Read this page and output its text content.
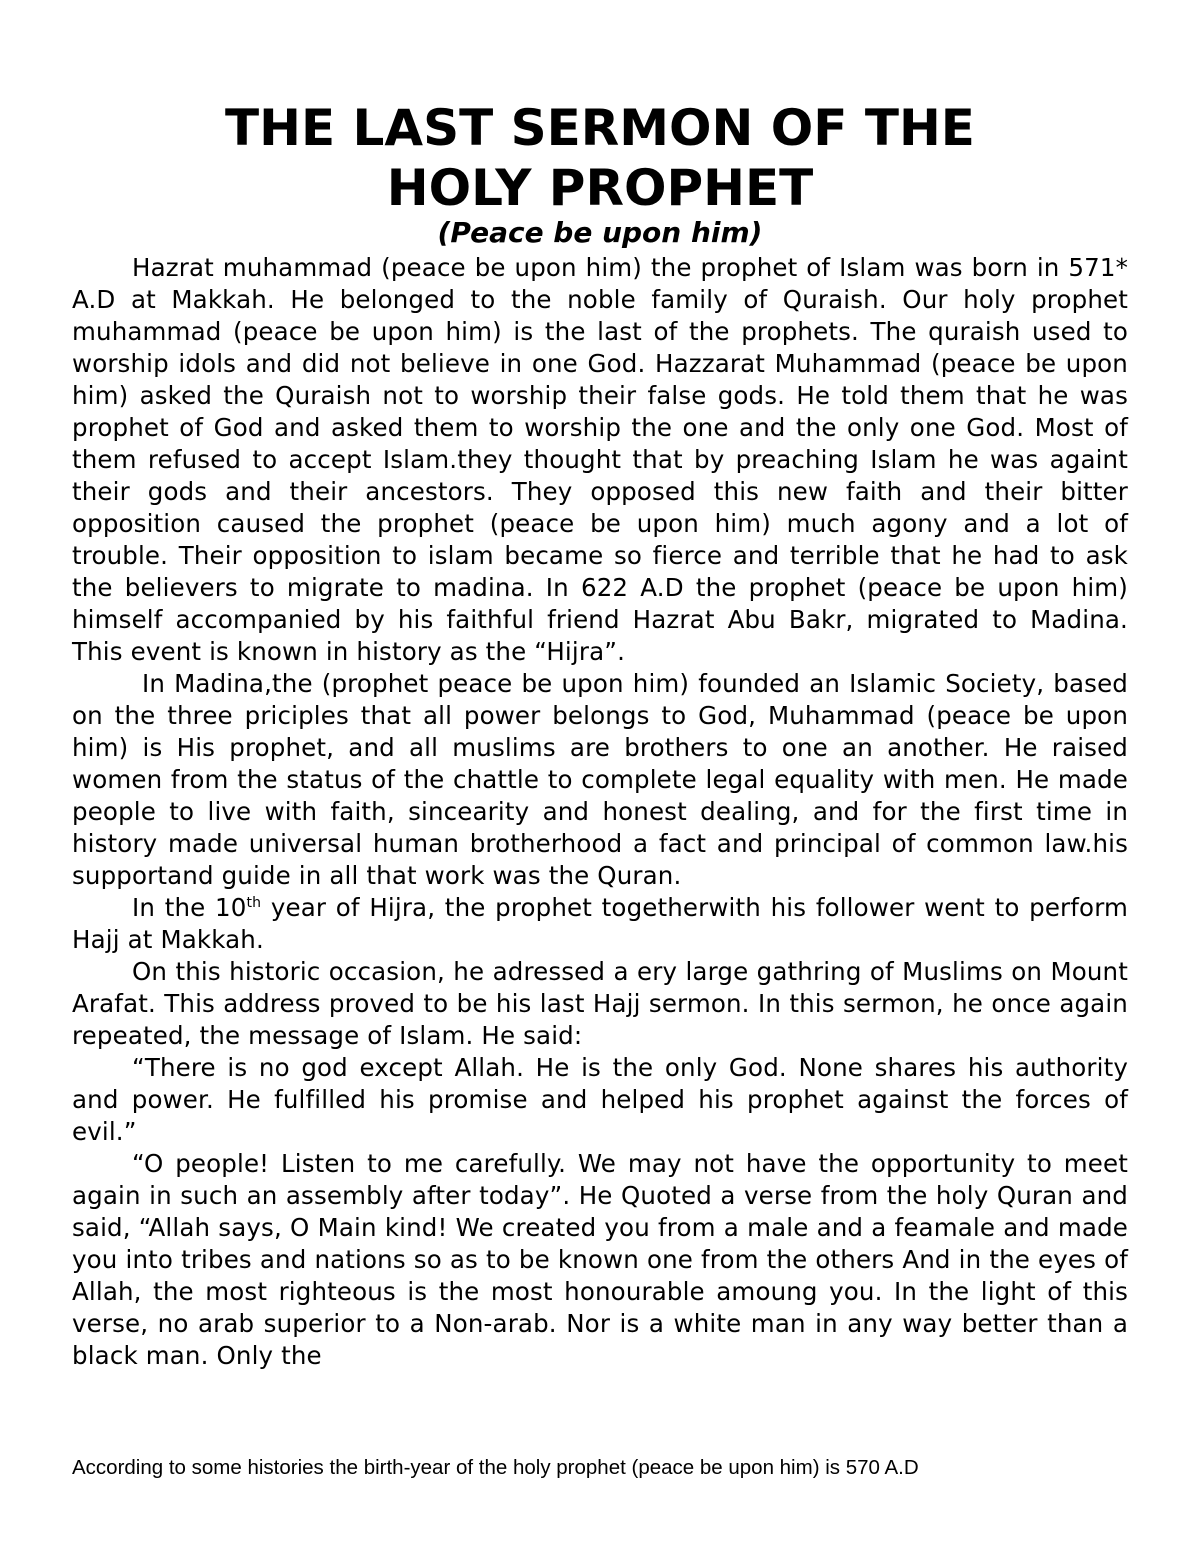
THE LAST SERMON OF THE
HOLY PROPHET
(Peace be upon him)

Hazrat muhammad (peace be upon him) the prophet of Islam was born in 571* A.D at Makkah. He belonged to the noble family of Quraish. Our holy prophet muhammad (peace be upon him) is the last of the prophets. The quraish used to worship idols and did not believe in one God. Hazzarat Muhammad (peace be upon him) asked the Quraish not to worship their false gods. He told them that he was prophet of God and asked them to worship the one and the only one God. Most of them refused to accept Islam.they thought that by preaching Islam he was againt their gods and their ancestors. They opposed this new faith and their bitter opposition caused the prophet (peace be upon him) much agony and a lot of trouble. Their opposition to islam became so fierce and terrible that he had to ask the believers to migrate to madina. In 622 A.D the prophet (peace be upon him) himself accompanied by his faithful friend Hazrat Abu Bakr, migrated to Madina. This event is known in history as the “Hijra”.

In Madina,the (prophet peace be upon him) founded an Islamic Society, based on the three priciples that all power belongs to God, Muhammad (peace be upon him) is His prophet, and all muslims are brothers to one an another. He raised women from the status of the chattle to complete legal equality with men. He made people to live with faith, sincearity and honest dealing, and for the first time in history made universal human brotherhood a fact and principal of common law.his supportand guide in all that work was the Quran.

In the 10th year of Hijra, the prophet togetherwith his follower went to perform Hajj at Makkah.

On this historic occasion, he adressed a ery large gathring of Muslims on Mount Arafat. This address proved to be his last Hajj sermon. In this sermon, he once again repeated, the message of Islam. He said:

“There is no god except Allah. He is the only God. None shares his authority and power. He fulfilled his promise and helped his prophet against the forces of evil.”

“O people! Listen to me carefully. We may not have the opportunity to meet again in such an assembly after today”. He Quoted a verse from the holy Quran and said, “Allah says, O Main kind! We created you from a male and a feamale and made you into tribes and nations so as to be known one from the others And in the eyes of Allah, the most righteous is the most honourable amoung you. In the light of this verse, no arab superior to a Non-arab. Nor is a white man in any way better than a black man. Only the

According to some histories the birth-year of the holy prophet (peace be upon him) is 570 A.D
